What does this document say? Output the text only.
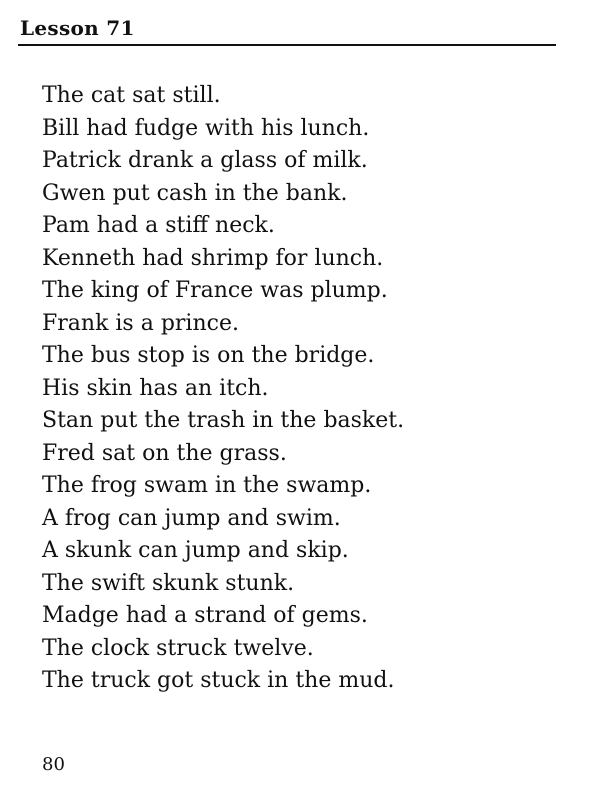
Lesson 71
The cat sat still.
Bill had fudge with his lunch.
Patrick drank a glass of milk.
Gwen put cash in the bank.
Pam had a stiff neck.
Kenneth had shrimp for lunch.
The king of France was plump.
Frank is a prince.
The bus stop is on the bridge.
His skin has an itch.
Stan put the trash in the basket.
Fred sat on the grass.
The frog swam in the swamp.
A frog can jump and swim.
A skunk can jump and skip.
The swift skunk stunk.
Madge had a strand of gems.
The clock struck twelve.
The truck got stuck in the mud.
80
